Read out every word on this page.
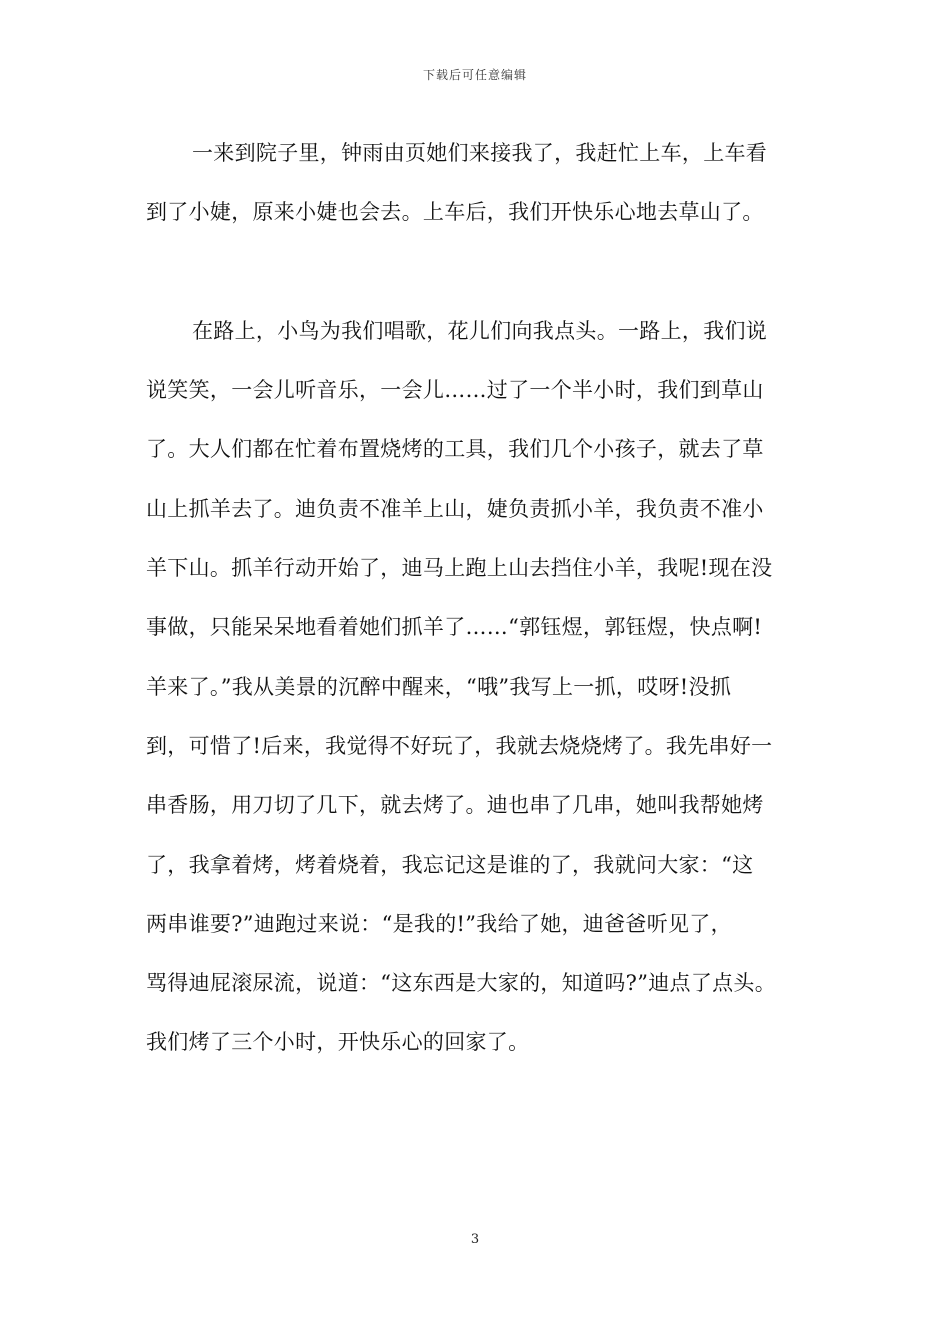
下载后可任意编辑
一来到院子里，钟雨由页她们来接我了，我赶忙上车，上车看
到了小婕，原来小婕也会去。上车后，我们开快乐心地去草山了。
在路上，小鸟为我们唱歌，花儿们向我点头。一路上，我们说
说笑笑，一会儿听音乐，一会儿……过了一个半小时，我们到草山
了。大人们都在忙着布置烧烤的工具，我们几个小孩子，就去了草
山上抓羊去了。迪负责不准羊上山，婕负责抓小羊，我负责不准小
羊下山。抓羊行动开始了，迪马上跑上山去挡住小羊，我呢!现在没
事做，只能呆呆地看着她们抓羊了……“郭钰煜，郭钰煜，快点啊!
羊来了。”我从美景的沉醉中醒来，“哦”我写上一抓，哎呀!没抓
到，可惜了!后来，我觉得不好玩了，我就去烧烧烤了。我先串好一
串香肠，用刀切了几下，就去烤了。迪也串了几串，她叫我帮她烤
了，我拿着烤，烤着烧着，我忘记这是谁的了，我就问大家：“这
两串谁要?”迪跑过来说：“是我的!”我给了她，迪爸爸听见了，
骂得迪屁滚尿流，说道：“这东西是大家的，知道吗?”迪点了点头。
我们烤了三个小时，开快乐心的回家了。
3
